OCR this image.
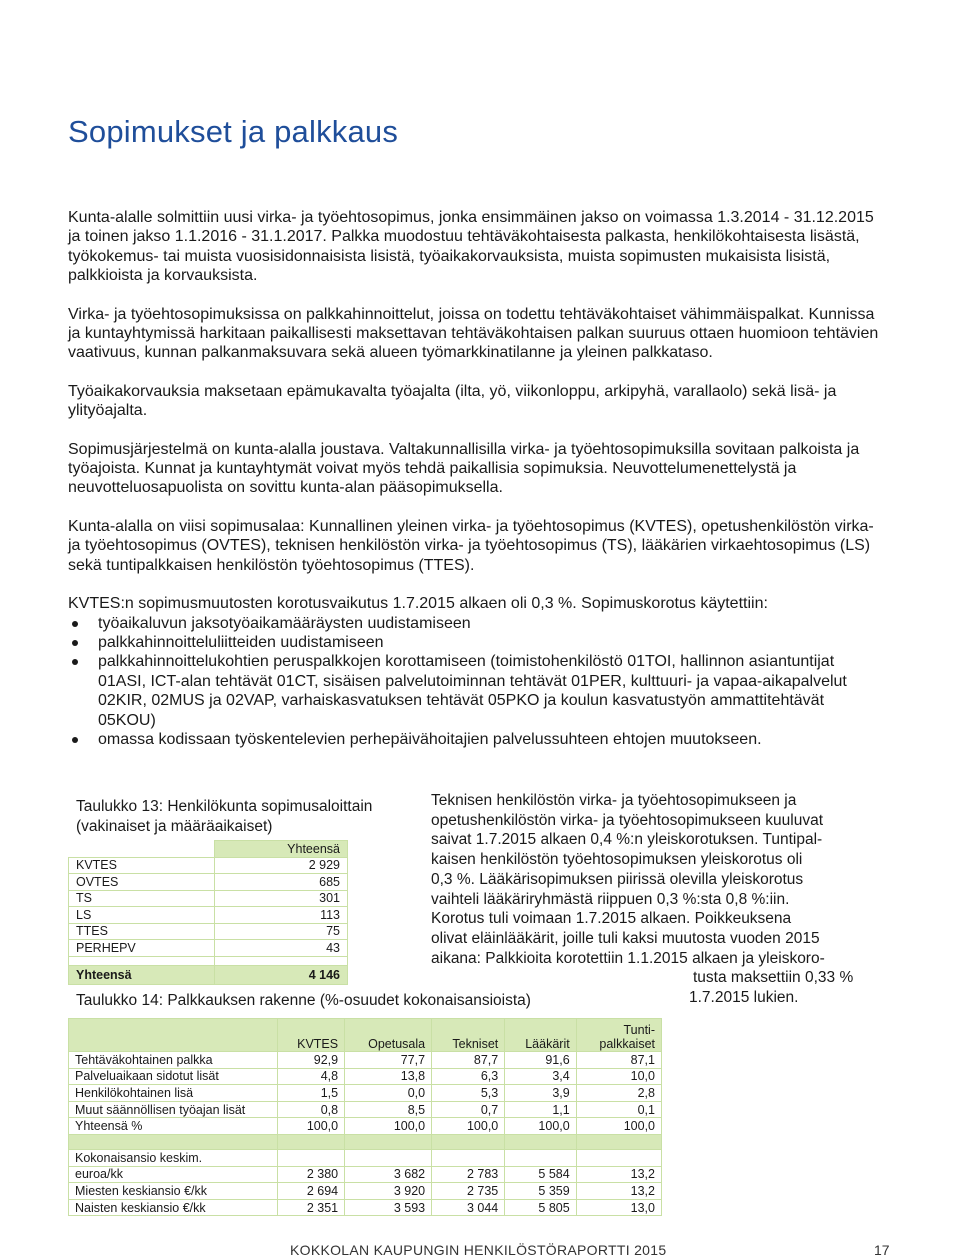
Sopimukset ja palkkaus

Kunta-alalle solmittiin uusi virka- ja työehtosopimus, jonka ensimmäinen jakso on voimassa 1.3.2014 - 31.12.2015 ja toinen jakso 1.1.2016 - 31.1.2017. Palkka muodostuu tehtäväkohtaisesta palkasta, henkilökohtaisesta lisästä, työkokemus- tai muista vuosisidonnaisista lisistä, työaikakorvauksista, muista sopimusten mukaisista lisistä, palkkioista ja korvauksista.

Virka- ja työehtosopimuksissa on palkkahinnoittelut, joissa on todettu tehtäväkohtaiset vähimmäispalkat. Kunnissa ja kuntayhtymissä harkitaan paikallisesti maksettavan tehtäväkohtaisen palkan suuruus ottaen huomioon tehtävien vaativuus, kunnan palkanmaksuvara sekä alueen työmarkkinatilanne ja yleinen palkkataso.

Työaikakorvauksia maksetaan epämukavalta työajalta (ilta, yö, viikonloppu, arkipyhä, varallaolo) sekä lisä- ja ylityöajalta.

Sopimusjärjestelmä on kunta-alalla joustava. Valtakunnallisilla virka- ja työehtosopimuksilla sovitaan palkoista ja työajoista. Kunnat ja kuntayhtymät voivat myös tehdä paikallisia sopimuksia. Neuvottelumenettelystä ja neuvotteluosapuolista on sovittu kunta-alan pääsopimuksella.

Kunta-alalla on viisi sopimusalaa: Kunnallinen yleinen virka- ja työehtosopimus (KVTES), opetushenkilöstön virka- ja työehtosopimus (OVTES), teknisen henkilöstön virka- ja työehtosopimus (TS), lääkärien virkaehtosopimus (LS) sekä tuntipalkkaisen henkilöstön työehtosopimus (TTES).

KVTES:n sopimusmuutosten korotusvaikutus 1.7.2015 alkaen oli 0,3 %. Sopimuskorotus käytettiin:

työaikaluvun jaksotyöaikamääräysten uudistamiseen
palkkahinnoitteluliitteiden uudistamiseen
palkkahinnoittelukohtien peruspalkkojen korottamiseen (toimistohenkilöstö 01TOI, hallinnon asiantuntijat 01ASI, ICT-alan tehtävät 01CT, sisäisen palvelutoiminnan tehtävät 01PER, kulttuuri- ja vapaa-aikapalvelut 02KIR, 02MUS ja 02VAP, varhaiskasvatuksen tehtävät 05PKO ja koulun kasvatustyön ammattitehtävät 05KOU)
omassa kodissaan työskentelevien perhepäivähoitajien palvelussuhteen ehtojen muutokseen.
Taulukko 13: Henkilökunta sopimusaloittain
(vakinaiset ja määräaikaiset)
	Yhteensä
KVTES	2 929
OVTES	685
TS	301
LS	113
TTES	75
PERHEPV	43

Yhteensä	4 146
Teknisen henkilöstön virka- ja työehtosopimukseen ja
opetushenkilöstön virka- ja työehtosopimukseen kuuluvat
saivat 1.7.2015 alkaen 0,4 %:n yleiskorotuksen. Tuntipal-
kaisen henkilöstön työehtosopimuksen yleiskorotus oli
0,3 %. Lääkärisopimuksen piirissä olevilla yleiskorotus
vaihteli lääkäriryhmästä riippuen 0,3 %:sta 0,8 %:iin.
Korotus tuli voimaan 1.7.2015 alkaen. Poikkeuksena
olivat eläinlääkärit, joille tuli kaksi muutosta vuoden 2015
aikana: Palkkioita korotettiin 1.1.2015 alkaen ja yleiskoro-
tusta maksettiin 0,33 %
1.7.2015 lukien.
Taulukko 14: Palkkauksen rakenne (%-osuudet kokonaisansioista)
	KVTES	Opetusala	Tekniset	Lääkärit	Tunti-
palkkaiset

Tehtäväkohtainen palkka	92,9	77,7	87,7	91,6	87,1
Palveluaikaan sidotut lisät	4,8	13,8	6,3	3,4	10,0
Henkilökohtainen lisä	1,5	0,0	5,3	3,9	2,8
Muut säännöllisen työajan lisät	0,8	8,5	0,7	1,1	0,1
Yhteensä %	100,0	100,0	100,0	100,0	100,0

Kokonaisansio keskim.					
euroa/kk	2 380	3 682	2 783	5 584	13,2
Miesten keskiansio €/kk	2 694	3 920	2 735	5 359	13,2
Naisten keskiansio €/kk	2 351	3 593	3 044	5 805	13,0
KOKKOLAN KAUPUNGIN HENKILÖSTÖRAPORTTI 2015	17
